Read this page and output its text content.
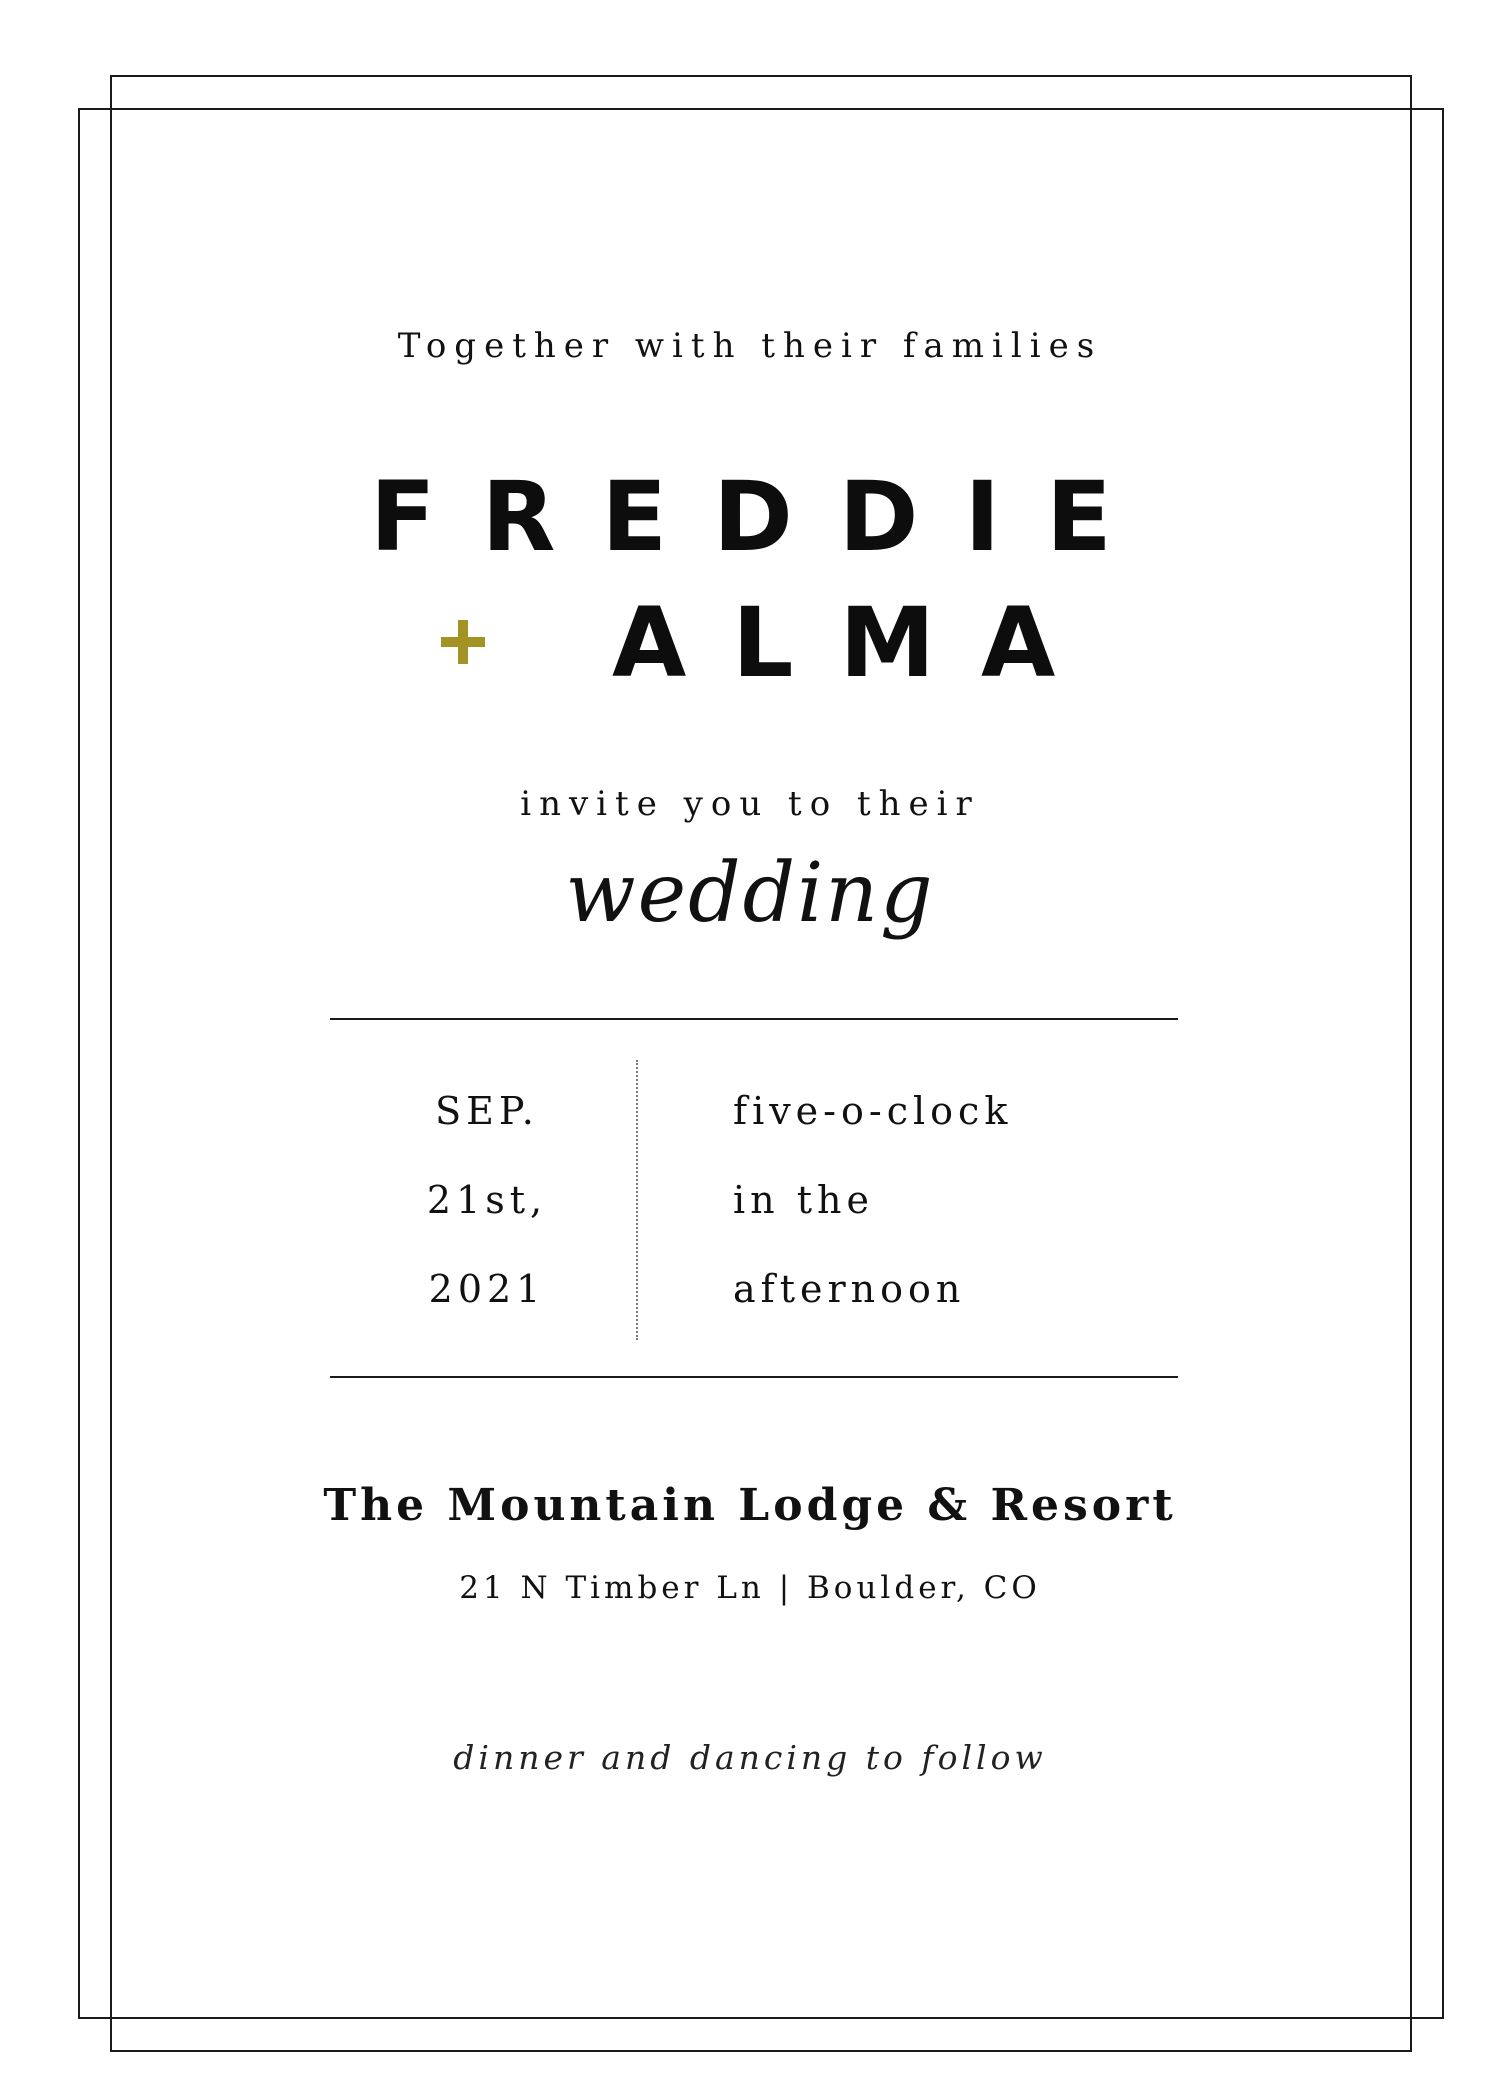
Together with their families
FREDDIE
ALMA
invite you to their
wedding
SEP.
21st,
2021
five-o-clock
in the
afternoon
The Mountain Lodge & Resort
21 N Timber Ln | Boulder, CO
dinner and dancing to follow
